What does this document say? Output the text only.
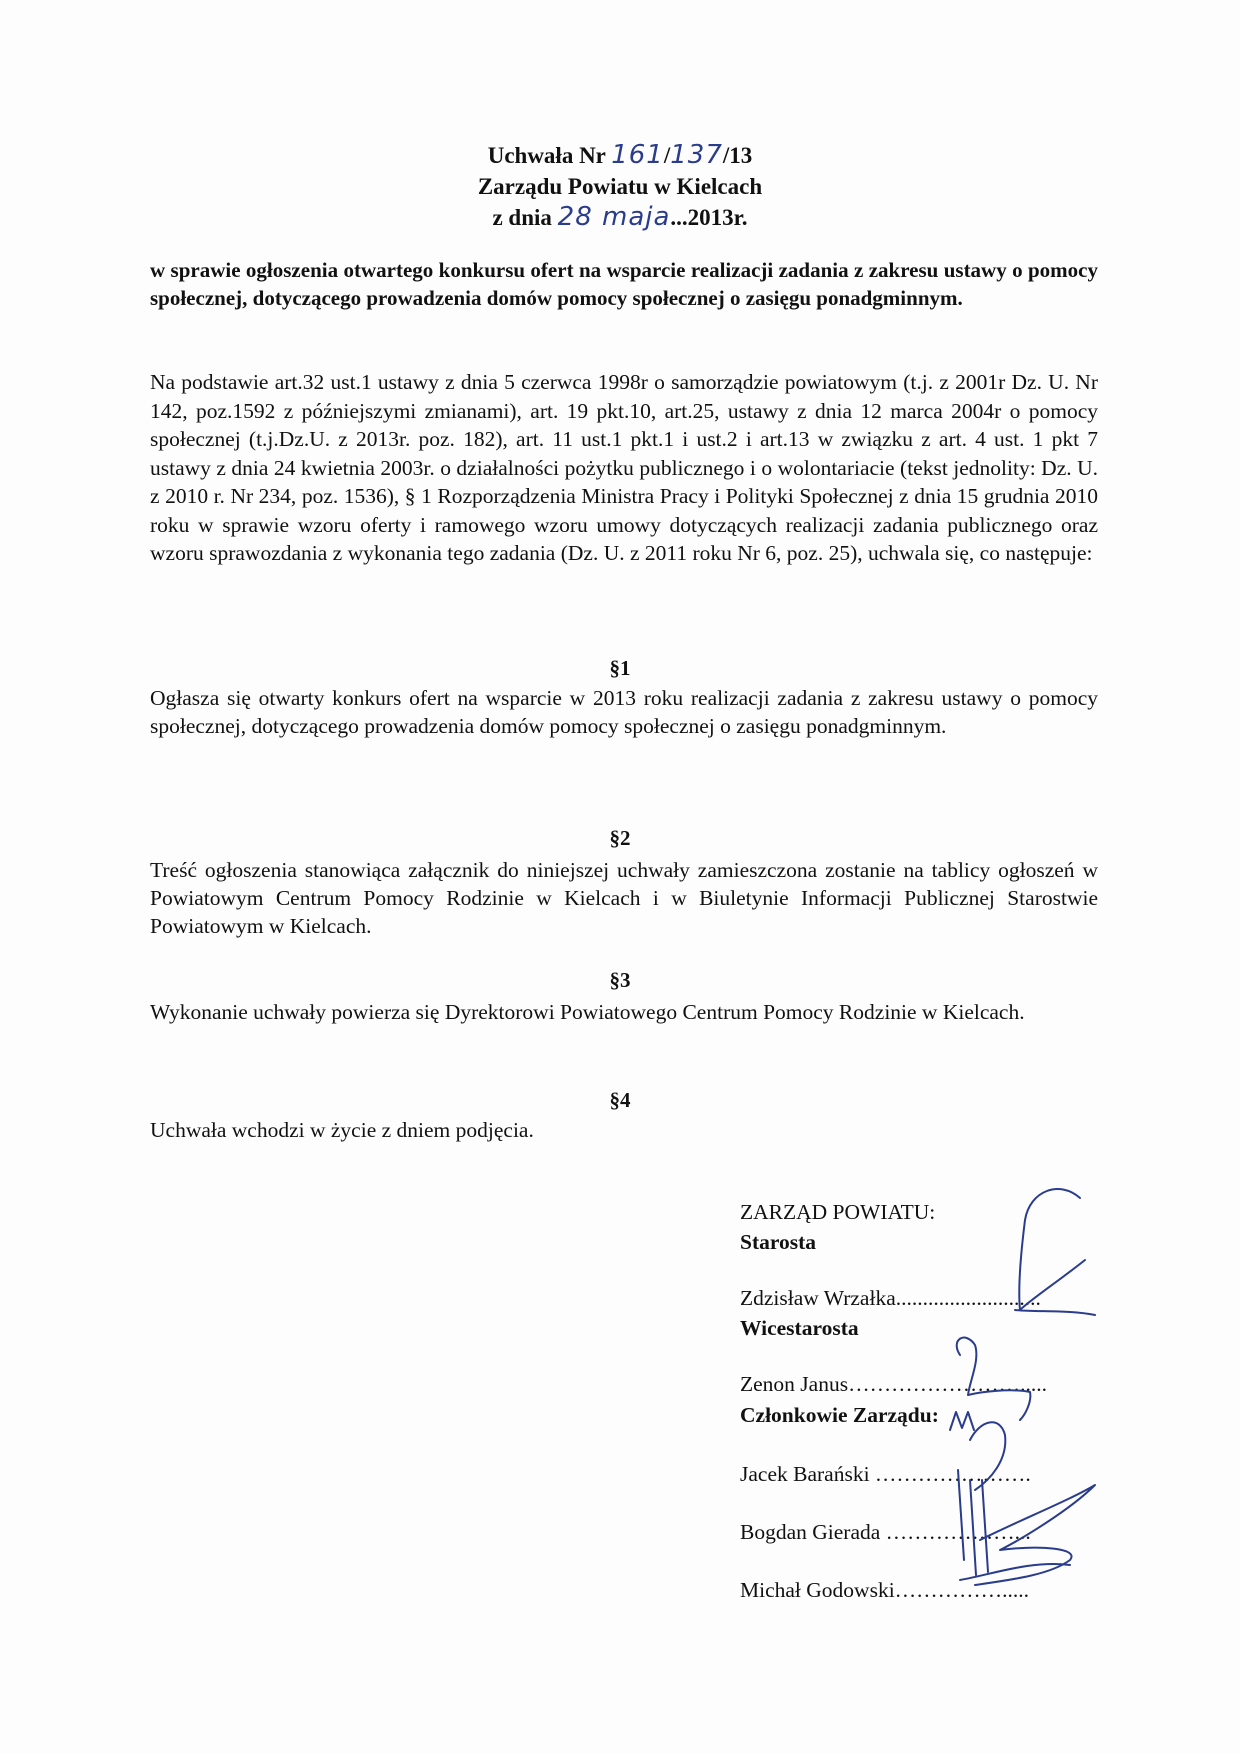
Uchwała Nr 161/137/13
Zarządu Powiatu w Kielcach
z dnia 28 maja...2013r.
w sprawie ogłoszenia otwartego konkursu ofert na wsparcie realizacji zadania z zakresu ustawy o pomocy społecznej, dotyczącego prowadzenia domów pomocy społecznej o zasięgu ponadgminnym.
Na podstawie art.32 ust.1 ustawy z dnia 5 czerwca 1998r o samorządzie powiatowym (t.j. z 2001r Dz. U. Nr 142, poz.1592 z późniejszymi zmianami), art. 19 pkt.10, art.25, ustawy z dnia 12 marca 2004r o pomocy społecznej (t.j.Dz.U. z 2013r. poz. 182), art. 11 ust.1 pkt.1 i ust.2 i art.13 w związku z art. 4 ust. 1 pkt 7 ustawy z dnia 24 kwietnia 2003r. o działalności pożytku publicznego i o wolontariacie (tekst jednolity: Dz. U. z 2010 r. Nr 234, poz. 1536), § 1 Rozporządzenia Ministra Pracy i Polityki Społecznej z dnia 15 grudnia 2010 roku w sprawie wzoru oferty i ramowego wzoru umowy dotyczących realizacji zadania publicznego oraz wzoru sprawozdania z wykonania tego zadania (Dz. U. z 2011 roku Nr 6, poz. 25), uchwala się, co następuje:
§1
Ogłasza się otwarty konkurs ofert na wsparcie w 2013 roku realizacji zadania z zakresu ustawy o pomocy społecznej, dotyczącego prowadzenia domów pomocy społecznej o zasięgu ponadgminnym.
§2
Treść ogłoszenia stanowiąca załącznik do niniejszej uchwały zamieszczona zostanie na tablicy ogłoszeń w Powiatowym Centrum Pomocy Rodzinie w Kielcach i w Biuletynie Informacji Publicznej Starostwie Powiatowym w Kielcach.
§3
Wykonanie uchwały powierza się Dyrektorowi Powiatowego Centrum Pomocy Rodzinie w Kielcach.
§4
Uchwała wchodzi w życie z dniem podjęcia.
ZARZĄD POWIATU:
Starosta
Zdzisław Wrzałka...........................
Wicestarosta
Zenon Janus…………………….....
Członkowie Zarządu:
Jacek Barański ………………….
Bogdan Gierada ………………...
Michał Godowski…………….....
